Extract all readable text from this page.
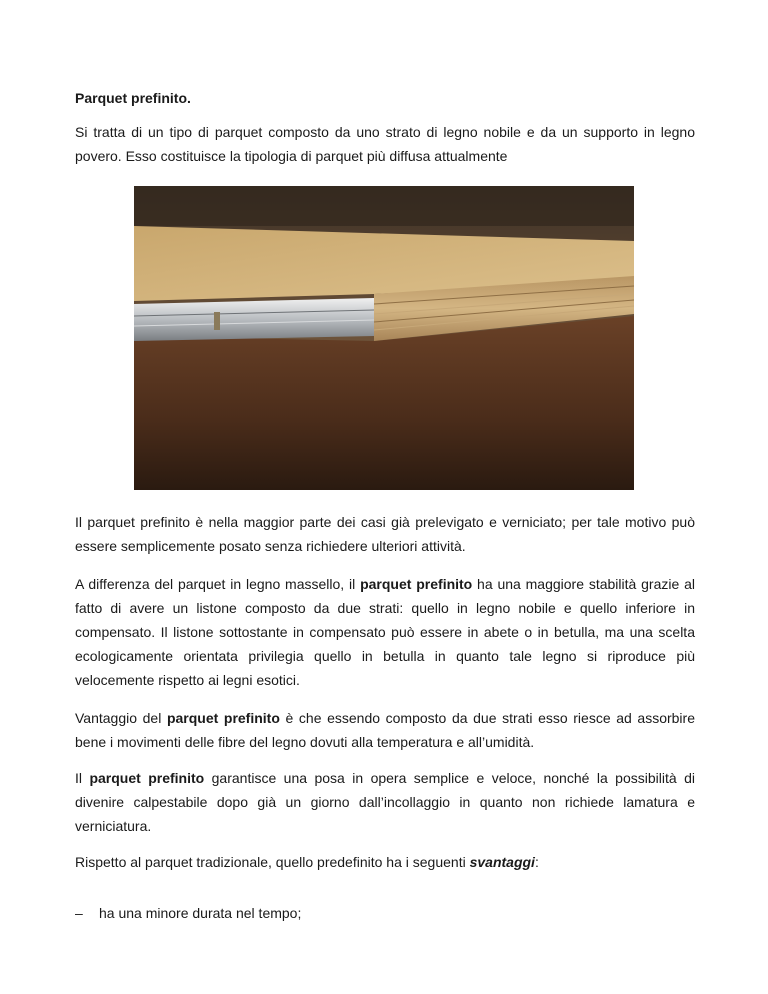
Parquet prefinito.

Si tratta di un tipo di parquet composto da uno strato di legno nobile e da un supporto in legno povero. Esso costituisce la tipologia di parquet più diffusa attualmente

Il parquet prefinito è nella maggior parte dei casi già prelevigato e verniciato; per tale motivo può essere semplicemente posato senza richiedere ulteriori attività.

A differenza del parquet in legno massello, il parquet prefinito ha una maggiore stabilità grazie al fatto di avere un listone composto da due strati: quello in legno nobile e quello inferiore in compensato. Il listone sottostante in compensato può essere in abete o in betulla, ma una scelta ecologicamente orientata privilegia quello in betulla in quanto tale legno si riproduce più velocemente rispetto ai legni esotici.

Vantaggio del parquet prefinito è che essendo composto da due strati esso riesce ad assorbire bene i movimenti delle fibre del legno dovuti alla temperatura e all’umidità.

Il parquet prefinito garantisce una posa in opera semplice e veloce, nonché la possibilità di divenire calpestabile dopo già un giorno dall’incollaggio in quanto non richiede lamatura e verniciatura.

Rispetto al parquet tradizionale, quello predefinito ha i seguenti svantaggi:

– ha una minore durata nel tempo;
